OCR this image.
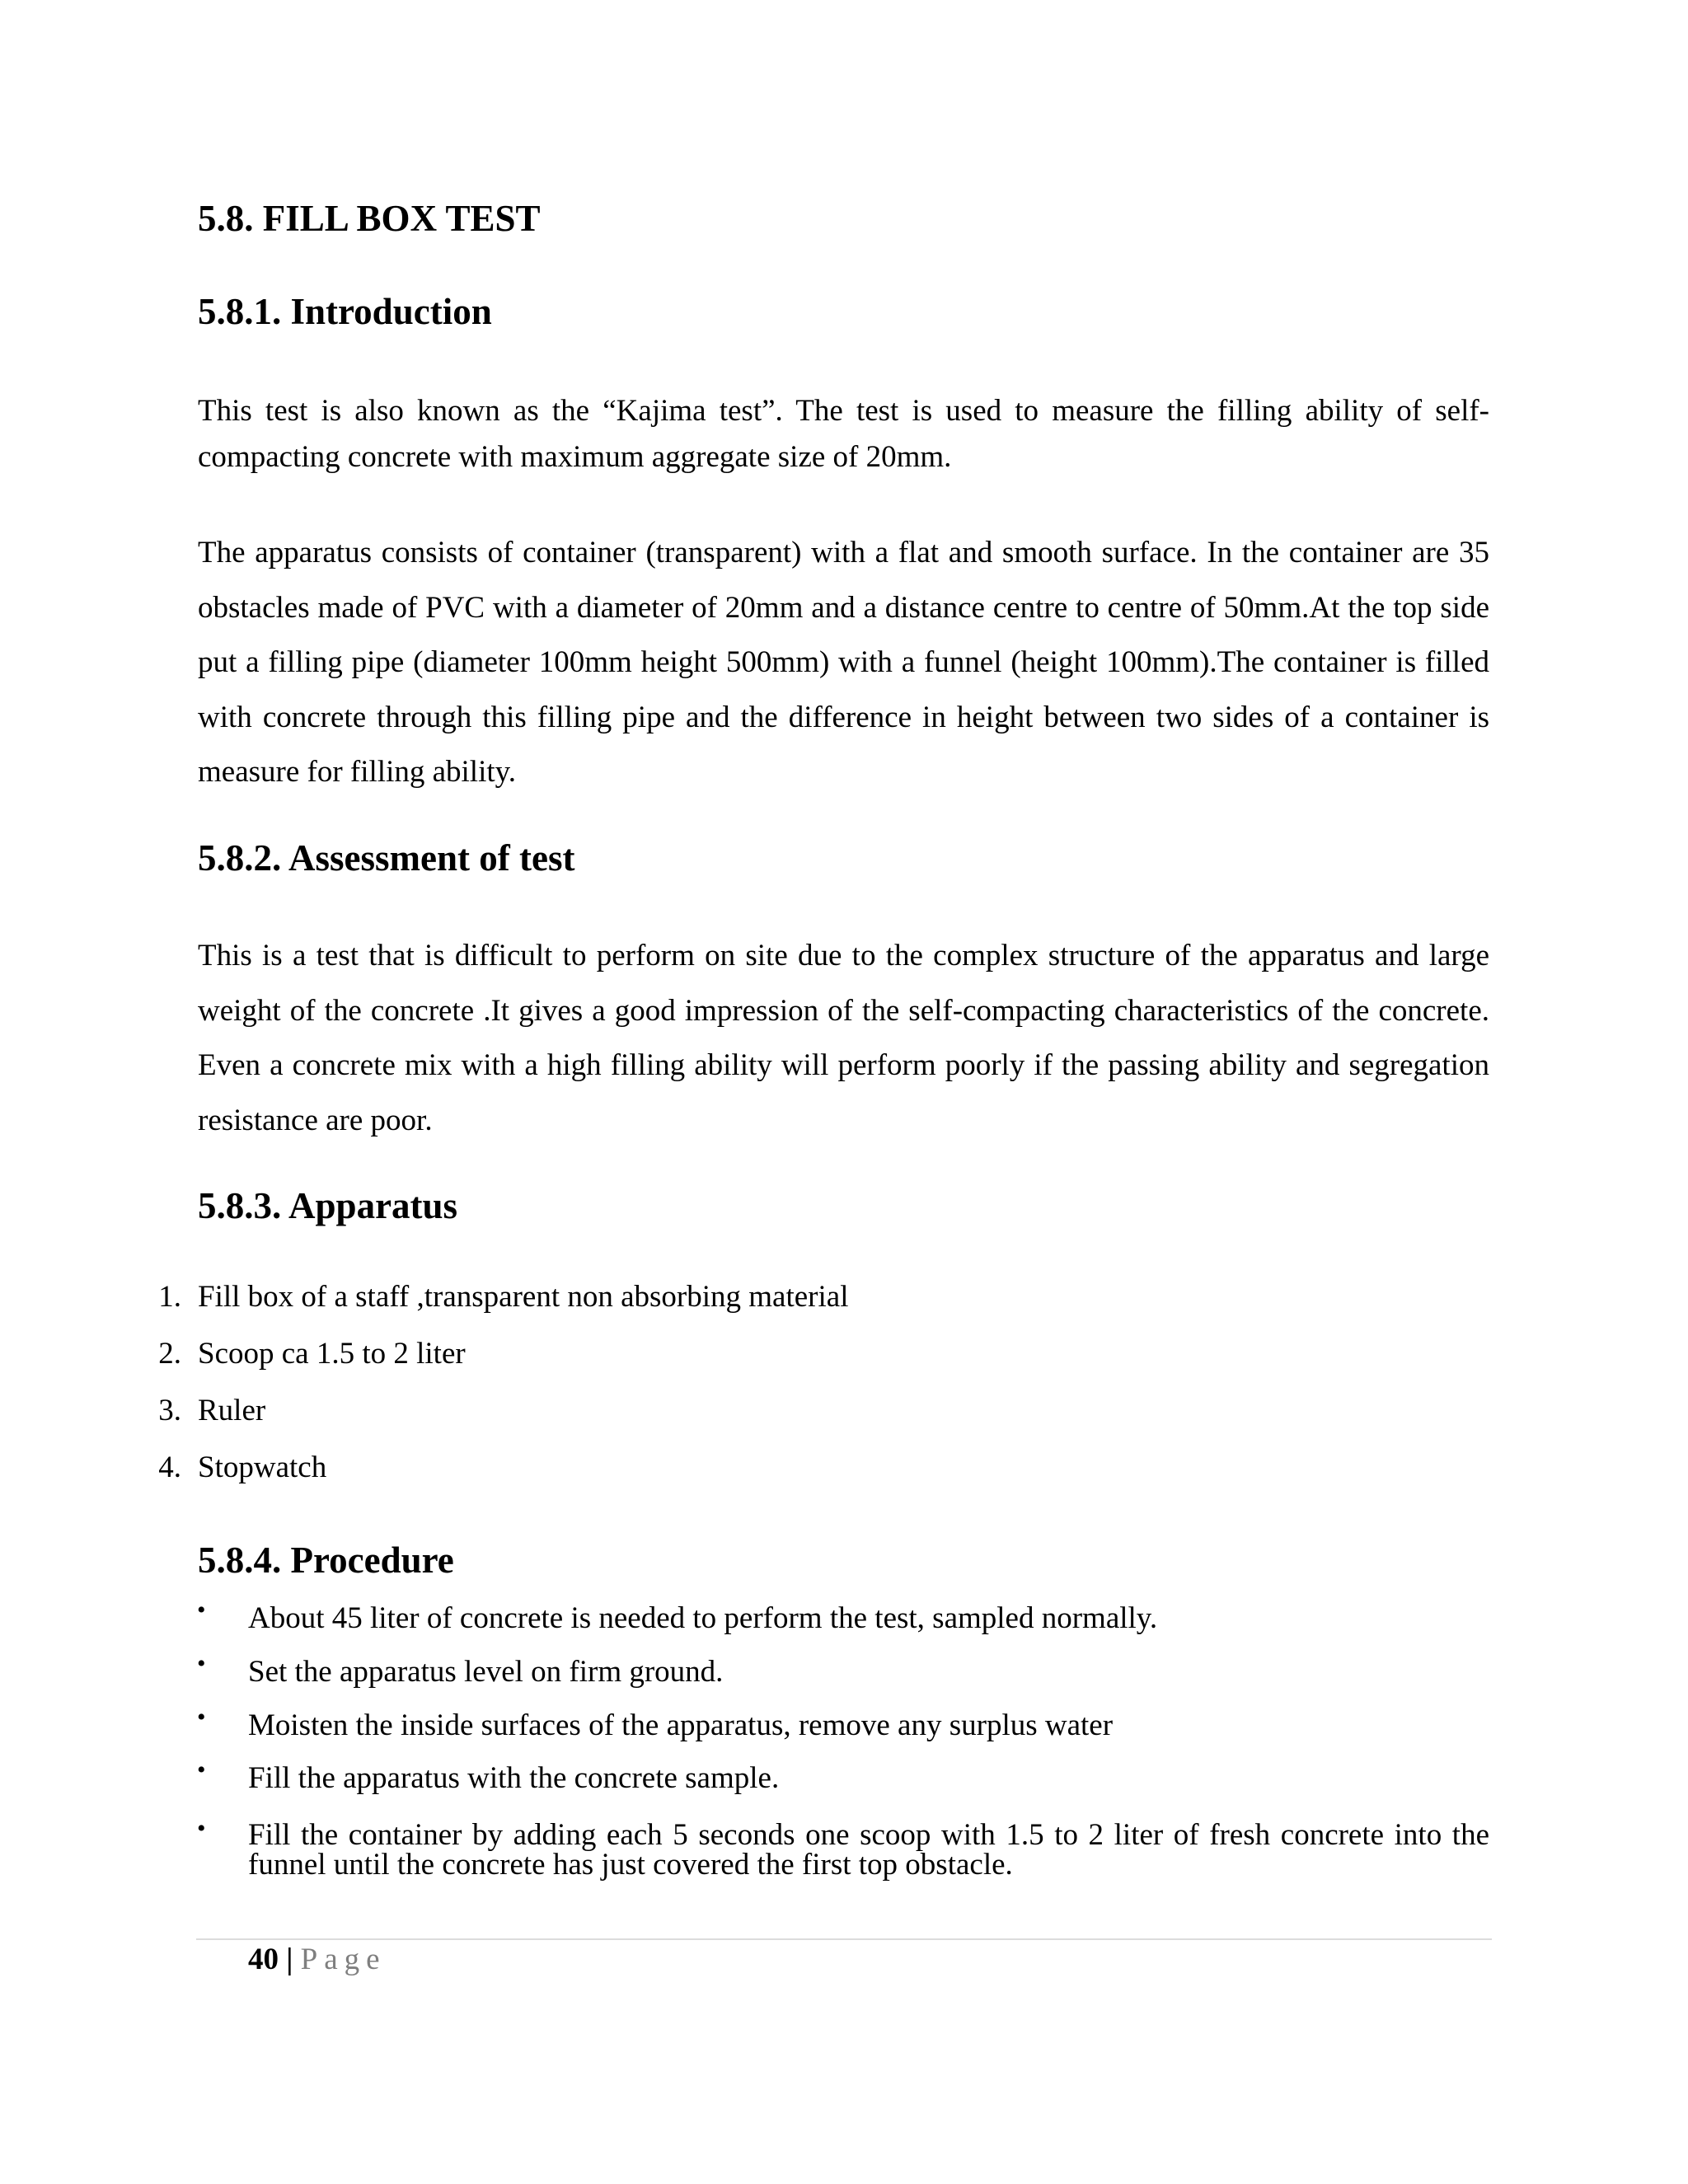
5.8. FILL BOX TEST
5.8.1. Introduction

This test is also known as the “Kajima test”. The test is used to measure the filling ability of self-compacting concrete with maximum aggregate size of 20mm.

The apparatus consists of container (transparent) with a flat and smooth surface. In the container are 35 obstacles made of PVC with a diameter of 20mm and a distance centre to centre of 50mm.At the top side put a filling pipe (diameter 100mm height 500mm) with a funnel (height 100mm).The container is filled with concrete through this filling pipe and the difference in height between two sides of a container is measure for filling ability.

5.8.2. Assessment of test

This is a test that is difficult to perform on site due to the complex structure of the apparatus and large weight of the concrete .It gives a good impression of the self-compacting characteristics of the concrete. Even a concrete mix with a high filling ability will perform poorly if the passing ability and segregation resistance are poor.

5.8.3. Apparatus
1. Fill box of a staff ,transparent non absorbing material
2. Scoop ca 1.5 to 2 liter
3. Ruler
4. Stopwatch
5.8.4. Procedure
• About 45 liter of concrete is needed to perform the test, sampled normally.
• Set the apparatus level on firm ground.
• Moisten the inside surfaces of the apparatus, remove any surplus water
• Fill the apparatus with the concrete sample.
• Fill the container by adding each 5 seconds one scoop with 1.5 to 2 liter of fresh concrete into the funnel until the concrete has just covered the first top obstacle.

40 | Page
